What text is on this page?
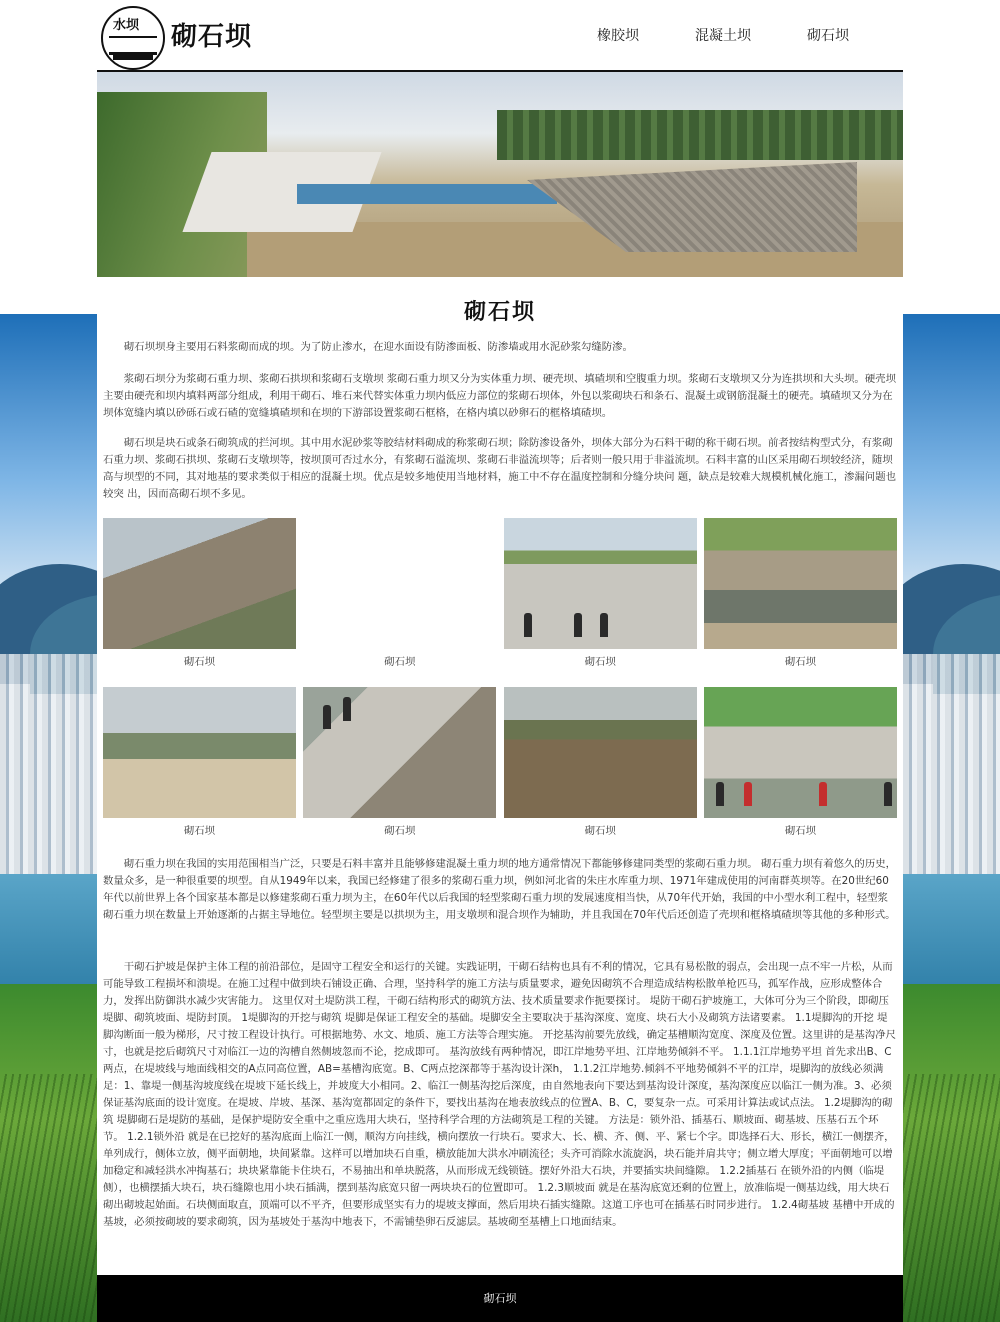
水坝 砌石坝	橡胶坝	混凝土坝	砌石坝
砌石坝

砌石坝坝身主要用石料浆砌而成的坝。为了防止渗水，在迎水面设有防渗面板、防渗墙或用水泥砂浆勾缝防渗。

浆砌石坝分为浆砌石重力坝、浆砌石拱坝和浆砌石支墩坝 浆砌石重力坝又分为实体重力坝、硬壳坝、填碴坝和空腹重力坝。浆砌石支墩坝又分为连拱坝和大头坝。硬壳坝主要由硬壳和坝内填料两部分组成，利用干砌石、堆石来代替实体重力坝内低应力部位的浆砌石坝体，外包以浆砌块石和条石、混凝土或钢筋混凝土的硬壳。填碴坝又分为在坝体宽缝内填以砂砾石或石碴的宽缝填碴坝和在坝的下游部设置浆砌石框格，在格内填以砂卵石的框格填碴坝。

砌石坝是块石或条石砌筑成的拦河坝。其中用水泥砂浆等胶结材料砌成的称浆砌石坝；除防渗设备外，坝体大部分为石料干砌的称干砌石坝。前者按结构型式分，有浆砌石重力坝、浆砌石拱坝、浆砌石支墩坝等，按坝顶可否过水分，有浆砌石溢流坝、浆砌石非溢流坝等；后者则一般只用于非溢流坝。石料丰富的山区采用砌石坝较经济，随坝高与坝型的不同，其对地基的要求类似于相应的混凝土坝。优点是较多地使用当地材料，施工中不存在温度控制和分缝分块问 题，缺点是较难大规模机械化施工，渗漏问题也较突 出，因而高砌石坝不多见。

砌石坝	砌石坝	砌石坝	砌石坝
砌石坝	砌石坝	砌石坝	砌石坝

砌石重力坝在我国的实用范围相当广泛，只要是石料丰富并且能够修建混凝土重力坝的地方通常情况下都能够修建同类型的浆砌石重力坝。 砌石重力坝有着悠久的历史，数量众多，是一种很重要的坝型。自从1949年以来，我国已经修建了很多的浆砌石重力坝，例如河北省的朱庄水库重力坝、1971年建成使用的河南群英坝等。在20世纪60年代以前世界上各个国家基本都是以修建浆砌石重力坝为主，在60年代以后我国的轻型浆砌石重力坝的发展速度相当快，从70年代开始，我国的中小型水利工程中，轻型浆砌石重力坝在数量上开始逐渐的占据主导地位。轻型坝主要是以拱坝为主，用支墩坝和混合坝作为辅助，并且我国在70年代后还创造了壳坝和框格填碴坝等其他的多种形式。

干砌石护坡是保护主体工程的前沿部位，是固守工程安全和运行的关键。实践证明，干砌石结构也具有不利的情况，它具有易松散的弱点，会出现一点不牢一片松，从而可能导致工程损坏和溃堤。在施工过程中做到块石铺设正确、合理，坚持科学的施工方法与质量要求，避免因砌筑不合理造成结构松散单枪匹马，孤军作战，应形成整体合力，发挥出防御洪水减少灾害能力。 这里仅对土堤防洪工程，干砌石结构形式的砌筑方法、技术质量要求作扼要探讨。 堤防干砌石护坡施工，大体可分为三个阶段，即砌压堤脚、砌筑坡面、堤防封顶。 1堤脚沟的开挖与砌筑 堤脚是保证工程安全的基础。堤脚安全主要取决于基沟深度、宽度、块石大小及砌筑方法诸要素。 1.1堤脚沟的开挖 堤脚沟断面一般为梯形，尺寸按工程设计执行。可根据地势、水文、地质、施工方法等合理实施。 开挖基沟前要先放线，确定基槽顺沟宽度、深度及位置。这里讲的是基沟净尺寸，也就是挖后砌筑尺寸对临江一边的沟槽自然侧坡忽而不论，挖成即可。 基沟放线有两种情况，即江岸地势平坦、江岸地势倾斜不平。 1.1.1江岸地势平坦 首先求出B、C两点，在堤坡线与地面线相交的A点同高位置，AB=基槽沟底宽。B、C两点挖深都等于基沟设计深h， 1.1.2江岸地势.倾斜不平地势倾斜不平的江岸，堤脚沟的放线必须满足：1、靠堤一侧基沟坡度线在堤坡下延长线上，并坡度大小相同。2、临江一侧基沟挖后深度，由自然地表向下要达到基沟设计深度，基沟深度应以临江一侧为准。3、必须保证基沟底面的设计宽度。在堤坡、岸坡、基深、基沟宽都固定的条件下，要找出基沟在地表放线点的位置A、B、C，要复杂一点。可采用计算法或试点法。 1.2堤脚沟的砌筑 堤脚砌石是堤防的基础，是保护堤防安全重中之重应选用大块石，坚持科学合理的方法砌筑是工程的关键。 方法是：锁外沿、插基石、顺坡面、砌基坡、压基石五个环节。 1.2.1锁外沿 就是在已挖好的基沟底面上临江一侧，顺沟方向挂线，横向摆放一行块石。要求大、长、横、齐、侧、平、紧七个字。即选择石大、形长，横江一侧摆齐，单列成行，侧体立放，侧平面朝地，块间紧靠。这样可以增加块石自重，横放能加大洪水冲刷流径；头齐可消除水流旋涡，块石能并肩共守；侧立增大厚度；平面朝地可以增加稳定和减轻洪水冲掏基石；块块紧靠能卡住块石，不易抽出和单块脱落，从而形成无线锁链。摆好外沿大石块，并要插实块间缝隙。 1.2.2插基石 在锁外沿的内侧（临堤侧），也横摆插大块石，块石缝隙也用小块石插满，摆到基沟底宽只留一两块块石的位置即可。 1.2.3顺坡面 就是在基沟底宽还剩的位置上，放准临堤一侧基边线，用大块石砌出砌坡起始面。石块侧面取直，顶端可以不平齐，但要形成坚实有力的堤坡支撑面，然后用块石插实缝隙。这道工序也可在插基石时同步进行。 1.2.4砌基坡 基槽中开成的基坡，必须按砌坡的要求砌筑，因为基坡处于基沟中地表下，不需铺垫卵石反滤层。基坡砌至基槽上口地面结束。

砌石坝
